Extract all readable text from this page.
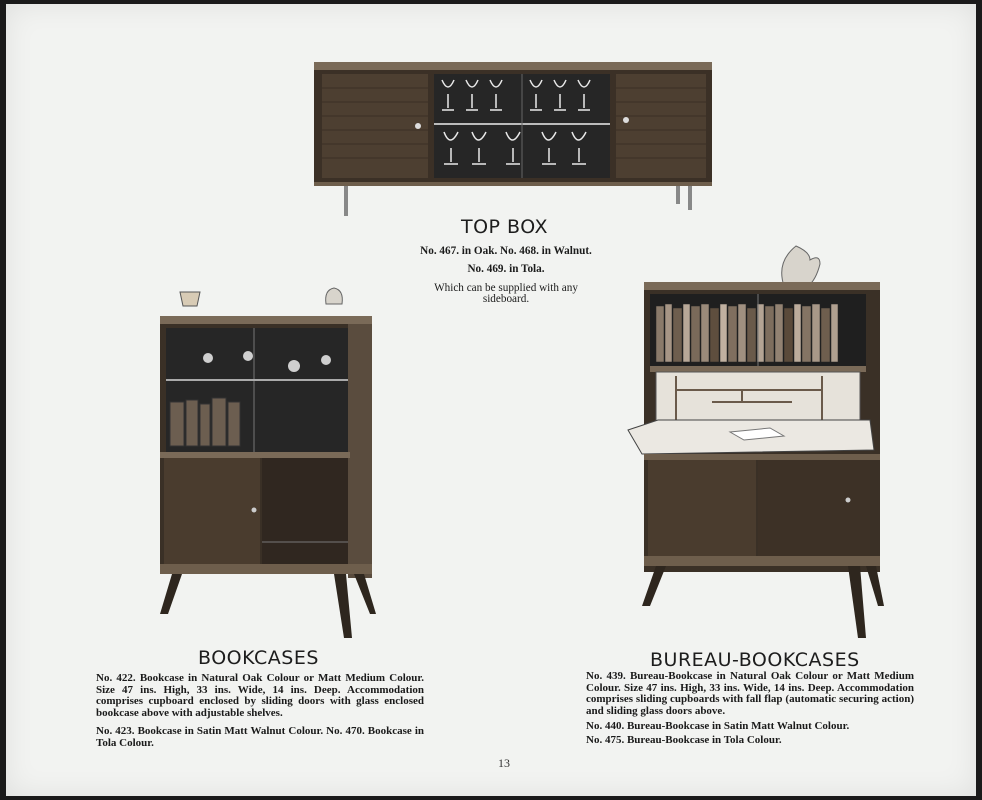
TOP BOX
No. 467. in Oak. No. 468. in Walnut.
No. 469. in Tola.
Which can be supplied with any
sideboard.
BOOKCASES

No. 422. Bookcase in Natural Oak Colour or Matt Medium Colour. Size 47 ins. High, 33 ins. Wide, 14 ins. Deep. Accommodation comprises cupboard enclosed by sliding doors with glass enclosed bookcase above with adjustable shelves.

No. 423. Bookcase in Satin Matt Walnut Colour. No. 470. Bookcase in Tola Colour.

BUREAU-BOOKCASES

No. 439. Bureau-Bookcase in Natural Oak Colour or Matt Medium Colour. Size 47 ins. High, 33 ins. Wide, 14 ins. Deep. Accommodation comprises sliding cupboards with fall flap (automatic securing action) and sliding glass doors above.

No. 440. Bureau-Bookcase in Satin Matt Walnut Colour.

No. 475. Bureau-Bookcase in Tola Colour.

13
